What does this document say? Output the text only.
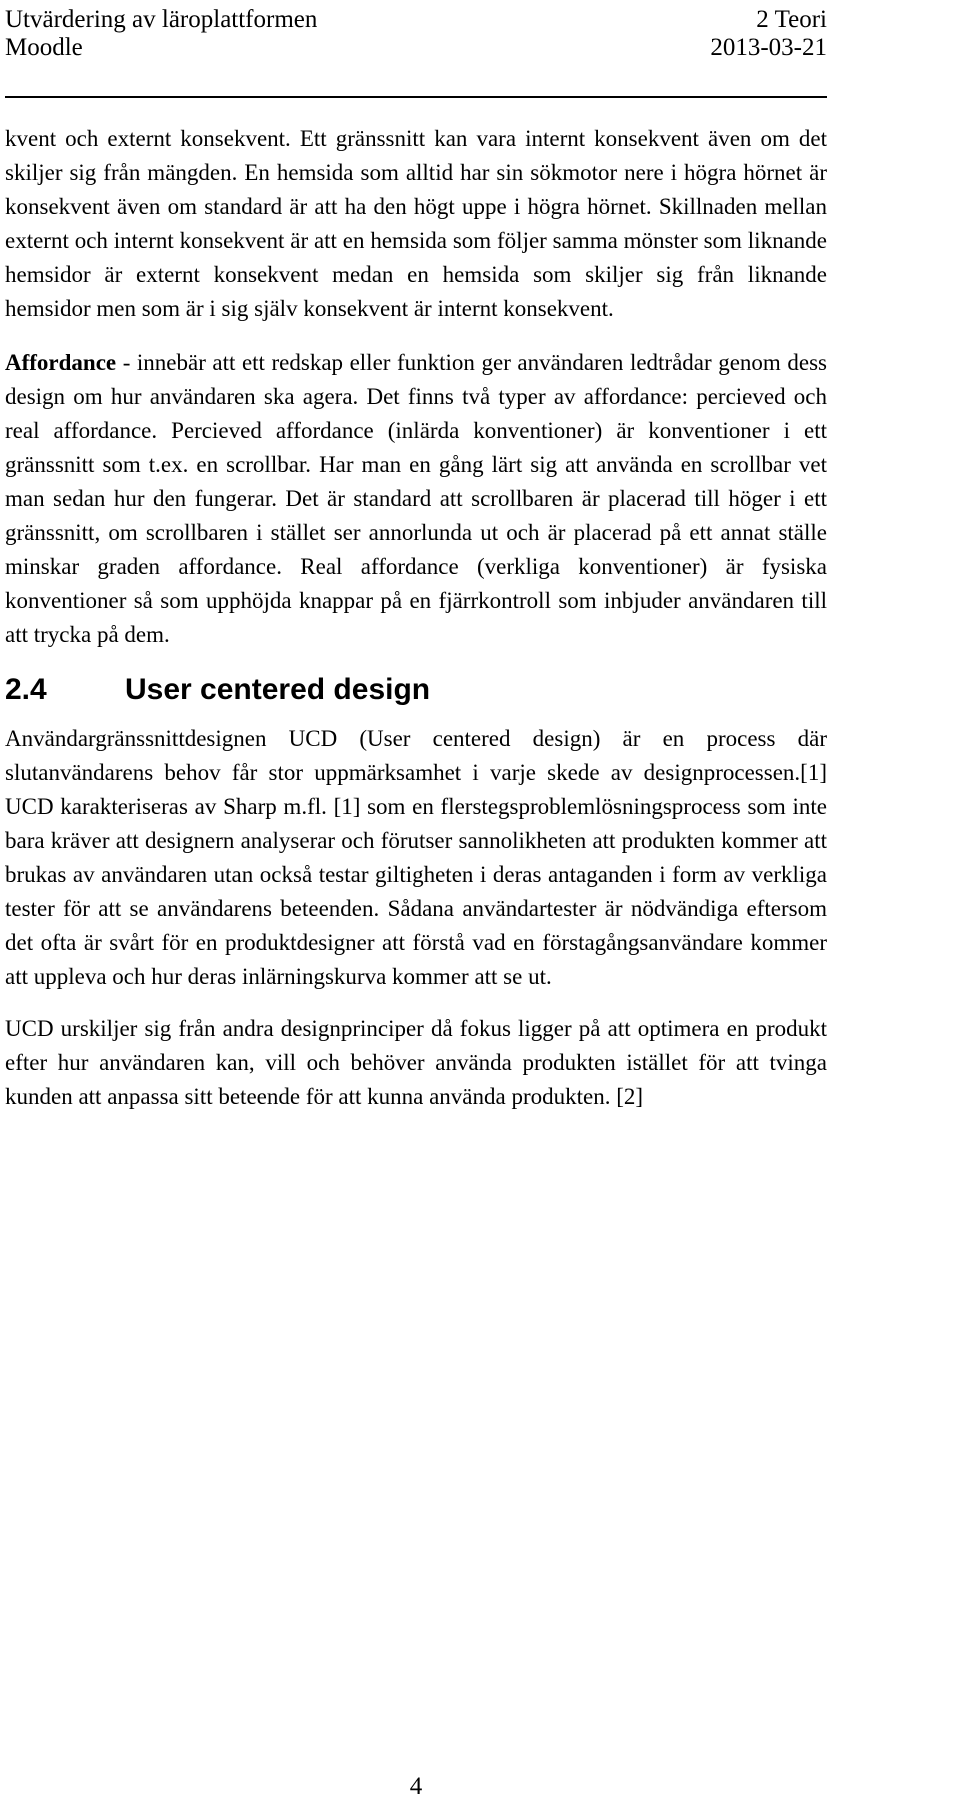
Utvärdering av läroplattformen	2 Teori
Moodle	2013-03-21

kvent och externt konsekvent. Ett gränssnitt kan vara internt konsekvent även om det skiljer sig från mängden. En hemsida som alltid har sin sökmotor nere i högra hörnet är konsekvent även om standard är att ha den högt uppe i högra hörnet. Skillnaden mellan externt och internt konsekvent är att en hemsida som följer samma mönster som liknande hemsidor är externt konsekvent medan en hemsida som skiljer sig från liknande hemsidor men som är i sig själv konsekvent är internt konsekvent.

Affordance - innebär att ett redskap eller funktion ger användaren ledtrådar genom dess design om hur användaren ska agera. Det finns två typer av affordance: percieved och real affordance. Percieved affordance (inlärda konventioner) är konventioner i ett gränssnitt som t.ex. en scrollbar. Har man en gång lärt sig att använda en scrollbar vet man sedan hur den fungerar. Det är standard att scrollbaren är placerad till höger i ett gränssnitt, om scrollbaren i stället ser annorlunda ut och är placerad på ett annat ställe minskar graden affordance. Real affordance (verkliga konventioner) är fysiska konventioner så som upphöjda knappar på en fjärrkontroll som inbjuder användaren till att trycka på dem.

2.4	User centered design

Användargränssnittdesignen UCD (User centered design) är en process där slutanvändarens behov får stor uppmärksamhet i varje skede av designprocessen.[1] UCD karakteriseras av Sharp m.fl. [1] som en flerstegsproblemlösningsprocess som inte bara kräver att designern analyserar och förutser sannolikheten att produkten kommer att brukas av användaren utan också testar giltigheten i deras antaganden i form av verkliga tester för att se användarens beteenden. Sådana användartester är nödvändiga eftersom det ofta är svårt för en produktdesigner att förstå vad en förstagångsanvändare kommer att uppleva och hur deras inlärningskurva kommer att se ut.

UCD urskiljer sig från andra designprinciper då fokus ligger på att optimera en produkt efter hur användaren kan, vill och behöver använda produkten istället för att tvinga kunden att anpassa sitt beteende för att kunna använda produkten. [2]

4
